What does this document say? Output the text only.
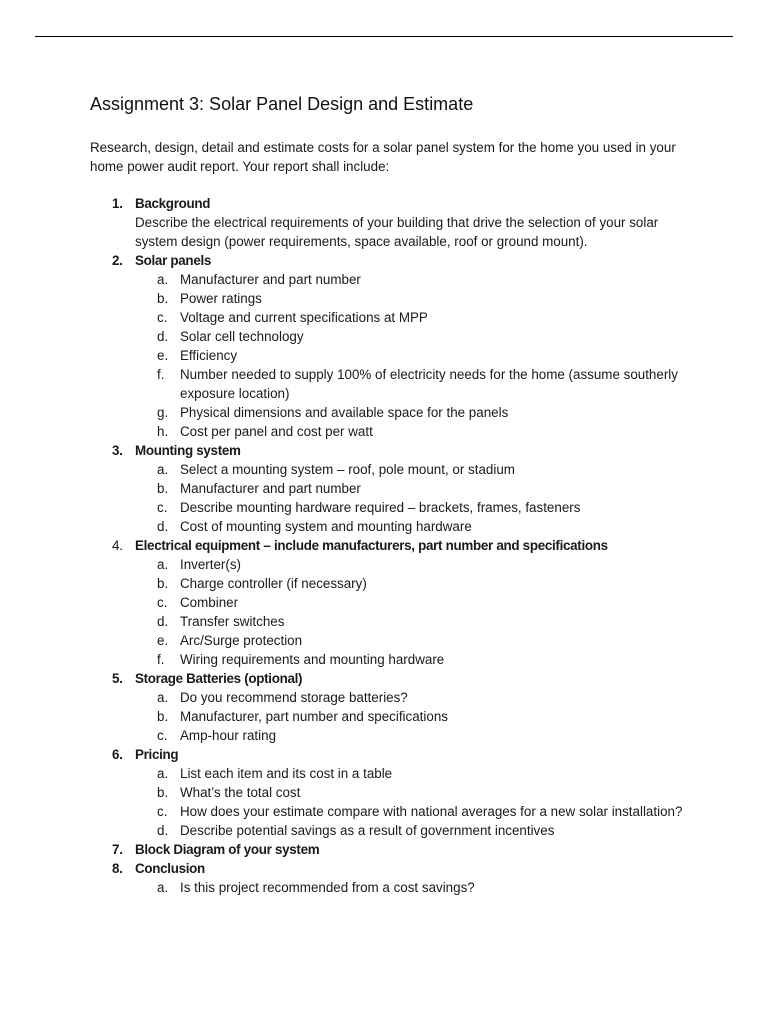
Assignment 3: Solar Panel Design and Estimate

Research, design, detail and estimate costs for a solar panel system for the home you used in your home power audit report. Your report shall include:

1. Background
Describe the electrical requirements of your building that drive the selection of your solar system design (power requirements, space available, roof or ground mount).
2. Solar panels
a. Manufacturer and part number
b. Power ratings
c. Voltage and current specifications at MPP
d. Solar cell technology
e. Efficiency
f. Number needed to supply 100% of electricity needs for the home (assume southerly exposure location)
g. Physical dimensions and available space for the panels
h. Cost per panel and cost per watt
3. Mounting system
a. Select a mounting system – roof, pole mount, or stadium
b. Manufacturer and part number
c. Describe mounting hardware required – brackets, frames, fasteners
d. Cost of mounting system and mounting hardware
4. Electrical equipment – include manufacturers, part number and specifications
a. Inverter(s)
b. Charge controller (if necessary)
c. Combiner
d. Transfer switches
e. Arc/Surge protection
f. Wiring requirements and mounting hardware
5. Storage Batteries (optional)
a. Do you recommend storage batteries?
b. Manufacturer, part number and specifications
c. Amp-hour rating
6. Pricing
a. List each item and its cost in a table
b. What’s the total cost
c. How does your estimate compare with national averages for a new solar installation?
d. Describe potential savings as a result of government incentives
7. Block Diagram of your system
8. Conclusion
a. Is this project recommended from a cost savings?
